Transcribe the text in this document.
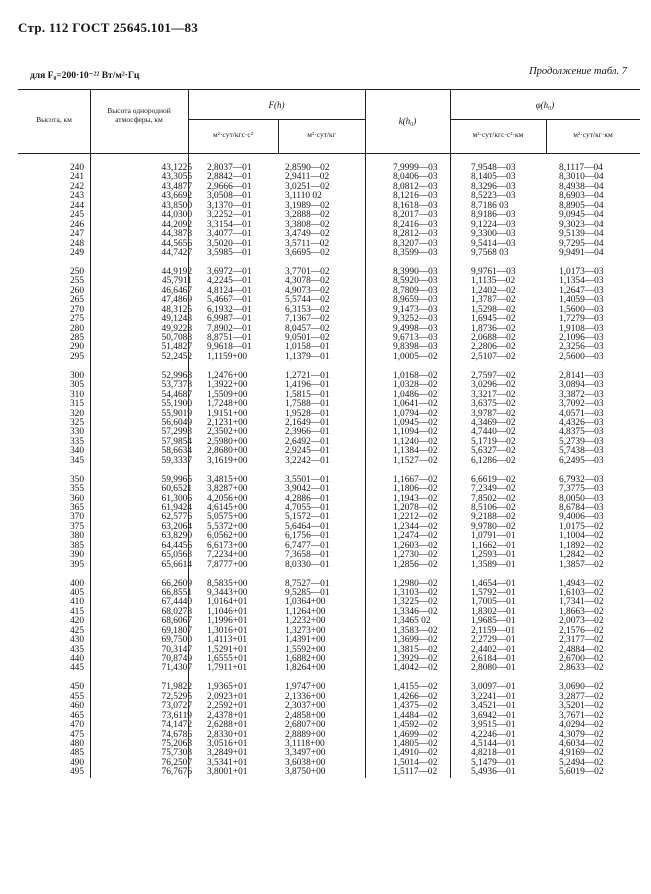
Стр. 112 ГОСТ 25645.101—83
для F₀=200·10⁻²² Вт/м²·Гц	Продолжение табл. 7
Высота, км
Высота однородной атмосферы, км
F(h)
м²·сут/кгс·с²	м²·сут/кг
k(h₀)
φ(h₀)
м²·сут/кгс·с²·км	м²·сут/кг·км
240	43,1225	2,8037—01	2,8590—02	7,9999—03	7,9548—03	8,1117—04
241	43,3055	2,8842—01	2,9411—02	8,0406—03	8,1405—03	8,3010—04
242	43,4877	2,9666—01	3,0251—02	8,0812—03	8,3296—03	8,4938—04
243	43,6692	3,0508—01	3,1110 02	8,1216—03	8,5223—03	8,6903—04
244	43,8500	3,1370—01	3,1989—02	8,1618—03	8,7186 03	8,8905—04
245	44,0300	3,2252—01	3,2888—02	8,2017—03	8,9186—03	9,0945—04
246	44,2092	3,3154—01	3,3808—02	8,2416—03	9,1224—03	9,3023—04
247	44,3878	3,4077—01	3,4749—02	8,2812—03	9,3300—03	9,5139—04
248	44,5656	3,5020—01	3,5711—02	8,3207—03	9,5414—03	9,7295—04
249	44,7427	3,5985—01	3,6695—02	8,3599—03	9,7568 03	9,9491—04
250	44,9192	3,6972—01	3,7701—02	8,3990—03	9,9761—03	1,0173—03
255	45,7911	4,2245—01	4,3078—02	8,5920—03	1,1135—02	1,1354—03
260	46,6467	4,8124—01	4,9073—02	8,7809—03	1,2402—02	1,2647—03
265	47,4869	5,4667—01	5,5744—02	8,9659—03	1,3787—02	1,4059—03
270	48,3125	6,1932—01	6,3153—02	9,1473—03	1,5298—02	1,5600—03
275	49,1243	6,9987—01	7,1367—02	9,3252—03	1,6945—02	1,7279—03
280	49,9228	7,8902—01	8,0457—02	9,4998—03	1,8736—02	1,9108—03
285	50,7088	8,8751—01	9,0501—02	9,6713—03	2,0688—02	2,1096—03
290	51,4827	9,9618—01	1,0158—01	9,8398—03	2,2806—02	2,3256—03
295	52,2452	1,1159+00	1,1379—01	1,0005—02	2,5107—02	2,5600—03
300	52,9968	1,2476+00	1,2721—01	1,0168—02	2,7597—02	2,8141—03
305	53,7378	1,3922+00	1,4196—01	1,0328—02	3,0296—02	3,0894—03
310	54,4687	1,5509+00	1,5815—01	1,0486—02	3,3217—02	3,3872—03
315	55,1900	1,7248+00	1,7588—01	1,0641—02	3,6375—02	3,7092—03
320	55,9019	1,9151+00	1,9528—01	1,0794—02	3,9787—02	4,0571—03
325	56,6049	2,1231+00	2,1649—01	1,0945—02	4,3469—02	4,4326—03
330	57,2993	2,3502+00	2,3966—01	1,1094—02	4,7440—02	4,8375—03
335	57,9854	2,5980+00	2,6492—01	1,1240—02	5,1719—02	5,2739—03
340	58,6634	2,8680+00	2,9245—01	1,1384—02	5,6327—02	5,7438—03
345	59,3337	3,1619+00	3,2242—01	1,1527—02	6,1286—02	6,2495—03
350	59,9965	3,4815+00	3,5501—01	1,1667—02	6,6619—02	6,7932—03
355	60,6521	3,8287+00	3,9042—01	1,1806—02	7,2349—02	7,3775—03
360	61,3006	4,2056+00	4,2886—01	1,1943—02	7,8502—02	8,0050—03
365	61,9424	4,6145+00	4,7055—01	1,2078—02	8,5106—02	8,6784—03
370	62,5776	5,0575+00	5,1572—01	1,2212—02	9,2188—02	9,4006—03
375	63,2064	5,5372+00	5,6464—01	1,2344—02	9,9780—02	1,0175—02
380	63,8290	6,0562+00	6,1756—01	1,2474—02	1,0791—01	1,1004—02
385	64,4456	6,6173+00	6,7477—01	1,2603—02	1,1662—01	1,1892—02
390	65,0563	7,2234+00	7,3658—01	1,2730—02	1,2593—01	1,2842—02
395	65,6614	7,8777+00	8,0330—01	1,2856—02	1,3589—01	1,3857—02
400	66,2609	8,5835+00	8,7527—01	1,2980—02	1,4654—01	1,4943—02
405	66,8551	9,3443+00	9,5285—01	1,3103—02	1,5792—01	1,6103—02
410	67,4440	1,0164+01	1,0364+00	1,3225—02	1,7005—01	1,7341—02
415	68,0278	1,1046+01	1,1264+00	1,3346—02	1,8302—01	1,8663—02
420	68,6067	1,1996+01	1,2232+00	1,3465 02	1,9685—01	2,0073—02
425	69,1807	1,3016+01	1,3273+00	1,3583—02	2,1159—01	2,1576—02
430	69,7500	1,4113+01	1,4391+00	1,3699—02	2,2729—01	2,3177—02
435	70,3147	1,5291+01	1,5592+00	1,3815—02	2,4402—01	2,4884—02
440	70,8749	1,6555+01	1,6882+00	1,3929—02	2,6184—01	2,6700—02
445	71,4307	1,7911+01	1,8264+00	1,4042—02	2,8080—01	2,8633—02
450	71,9822	1,9365+01	1,9747+00	1,4155—02	3,0097—01	3,0690—02
455	72,5295	2,0923+01	2,1336+00	1,4266—02	3,2241—01	3,2877—02
460	73,0727	2,2592+01	2,3037+00	1,4375—02	3,4521—01	3,5201—02
465	73,6119	2,4378+01	2,4858+00	1,4484—02	3,6942—01	3,7671—02
470	74,1472	2,6288+01	2,6807+00	1,4592—02	3,9515—01	4,0294—02
475	74,6786	2,8330+01	2,8889+00	1,4699—02	4,2246—01	4,3079—02
480	75,2063	3,0516+01	3,1118+00	1,4805—02	4,5144—01	4,6034—02
485	75,7303	3,2849+01	3,3497+00	1,4910—02	4,8218—01	4,9169—02
490	76,2507	3,5341+01	3,6038+00	1,5014—02	5,1479—01	5,2494—02
495	76,7676	3,8001+01	3,8750+00	1,5117—02	5,4936—01	5,6019—02
